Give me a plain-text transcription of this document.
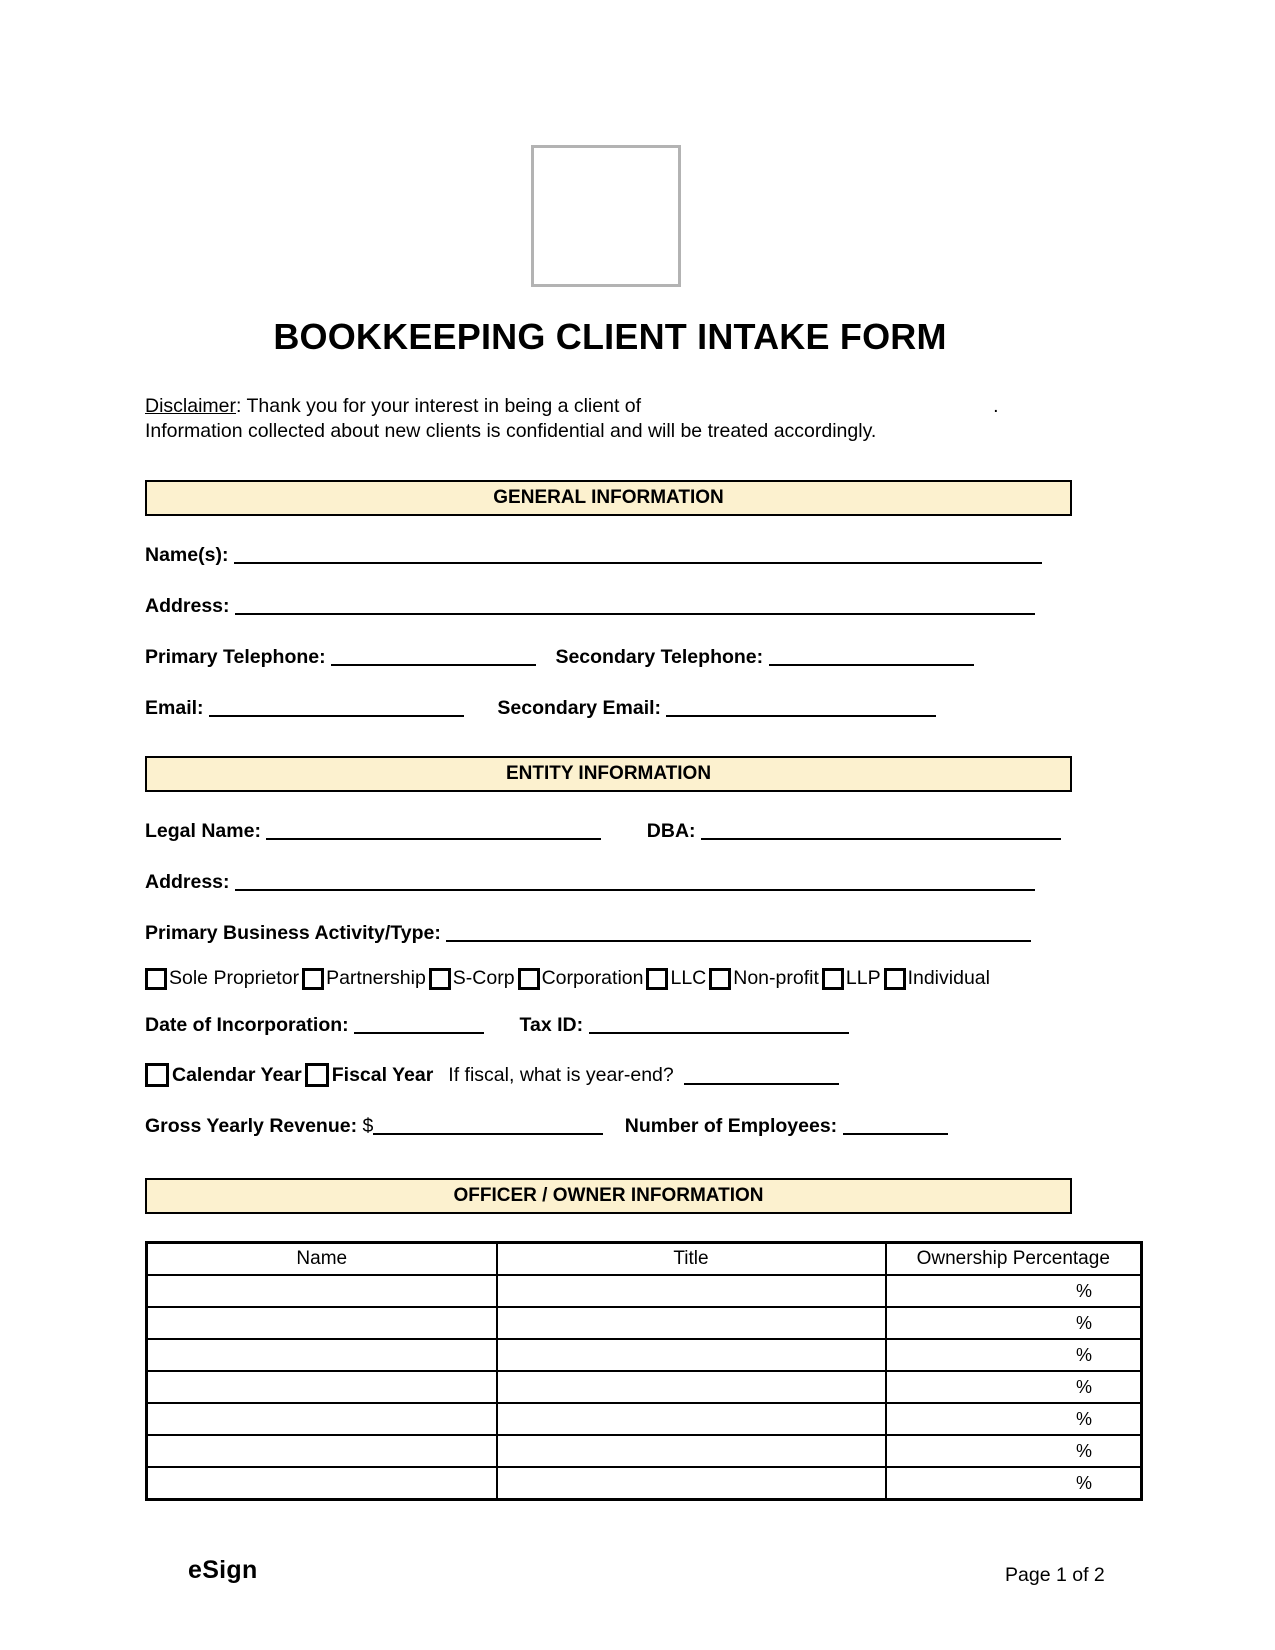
BOOKKEEPING CLIENT INTAKE FORM

Disclaimer: Thank you for your interest in being a client of	.
Information collected about new clients is confidential and will be treated accordingly.

GENERAL INFORMATION
Name(s):
Address:
Primary Telephone:	Secondary Telephone:
Email:	Secondary Email:
ENTITY INFORMATION
Legal Name:	DBA:
Address:
Primary Business Activity/Type:
Sole Proprietor Partnership S-Corp Corporation LLC Non-profit LLP Individual
Date of Incorporation:	Tax ID:
Calendar Year Fiscal Year If fiscal, what is year-end?
Gross Yearly Revenue: $	Number of Employees:
OFFICER / OWNER INFORMATION
Name	Title	Ownership Percentage
		%
		%
		%
		%
		%
		%
		%
eSign	Page 1 of 2
